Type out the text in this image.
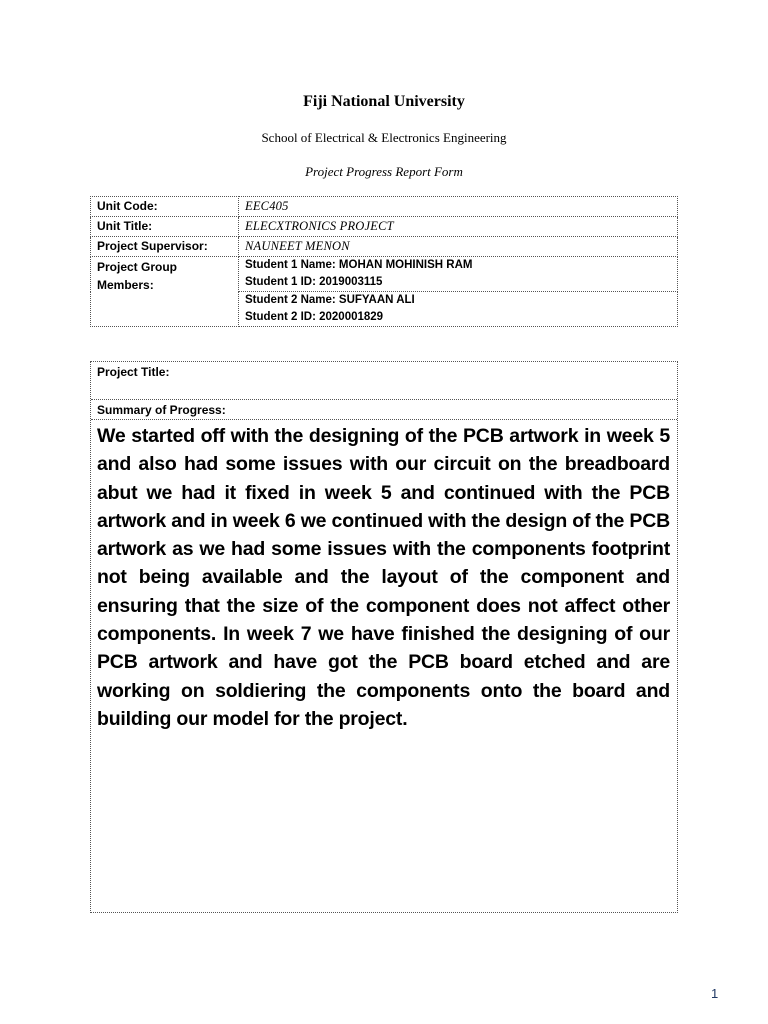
Fiji National University
School of Electrical & Electronics Engineering
Project Progress Report Form
Unit Code:	EEC405
Unit Title:	ELECXTRONICS PROJECT
Project Supervisor:	NAUNEET MENON
Project Group Members:	Student 1 Name: MOHAN MOHINISH RAM
Student 1 ID: 2019003115

	Student 2 Name: SUFYAAN ALI
Student 2 ID: 2020001829
Project Title:
Summary of Progress:
We started off with the designing of the PCB artwork in week 5 and also had some issues with our circuit on the breadboard abut we had it fixed in week 5 and continued with the PCB artwork and in week 6 we continued with the design of the PCB artwork as we had some issues with the components footprint not being available and the layout of the component and ensuring that the size of the component does not affect other components. In week 7 we have finished the designing of our PCB artwork and have got the PCB board etched and are working on soldiering the components onto the board and building our model for the project.
1
